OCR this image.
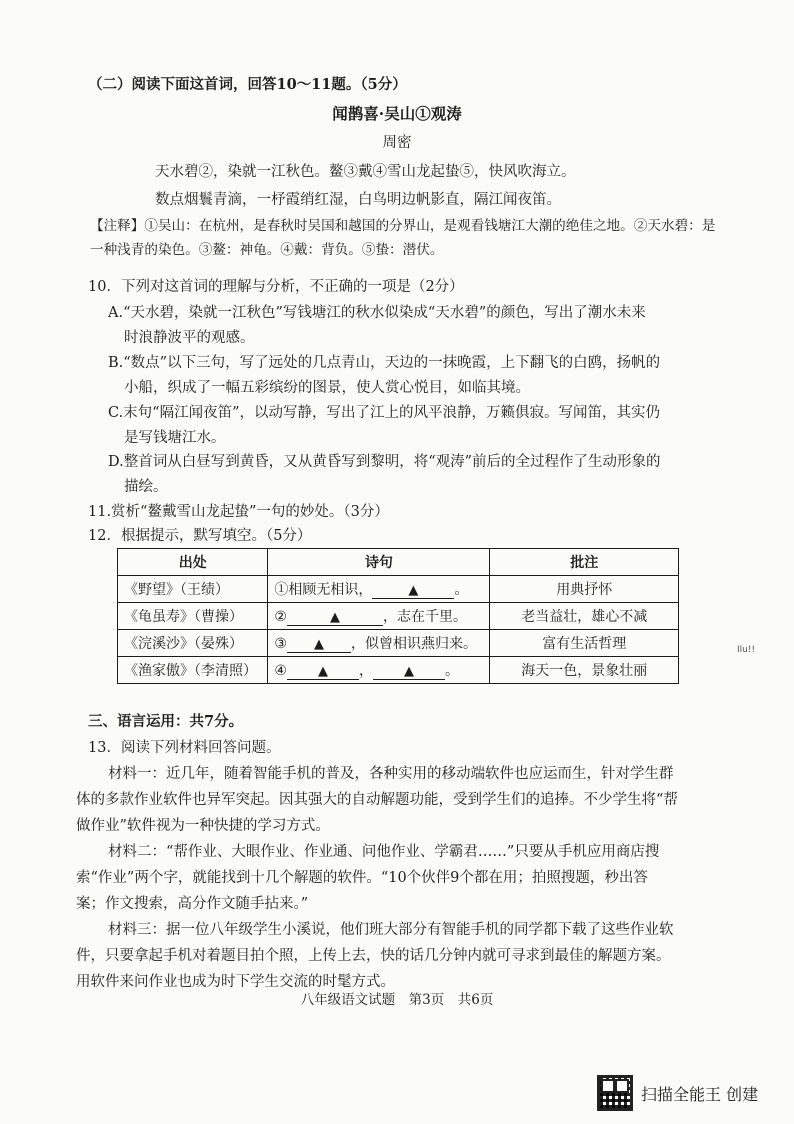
（二）阅读下面这首词，回答10～11题。（5分）
闻鹊喜·吴山①观涛
周密
天水碧②，染就一江秋色。鳌③戴④雪山龙起蛰⑤，快风吹海立。
数点烟鬟青滴，一杼霞绡红湿，白鸟明边帆影直，隔江闻夜笛。
【注释】①吴山：在杭州，是春秋时吴国和越国的分界山，是观看钱塘江大潮的绝佳之地。②天水碧：是
一种浅青的染色。③鳌：神龟。④戴：背负。⑤蛰：潜伏。
10．下列对这首词的理解与分析，不正确的一项是（2分）
A.“天水碧，染就一江秋色”写钱塘江的秋水似染成“天水碧”的颜色，写出了潮水未来
时浪静波平的观感。
B.“数点”以下三句，写了远处的几点青山，天边的一抹晚霞，上下翻飞的白鸥，扬帆的
小船，织成了一幅五彩缤纷的图景，使人赏心悦目，如临其境。
C.末句“隔江闻夜笛”，以动写静，写出了江上的风平浪静，万籁俱寂。写闻笛，其实仍
是写钱塘江水。
D.整首词从白昼写到黄昏，又从黄昏写到黎明，将“观涛”前后的全过程作了生动形象的
描绘。
11.赏析“鳌戴雪山龙起蛰”一句的妙处。（3分）
12．根据提示，默写填空。（5分）
出处	诗句	批注
《野望》（王绩）	①相顾无相识， ▲ 。	用典抒怀
《龟虽寿》（曹操）	② ▲ ，志在千里。	老当益壮，雄心不减
《浣溪沙》（晏殊）	③ ▲ ，似曾相识燕归来。	富有生活哲理
《渔家傲》（李清照）	④ ▲ ， ▲ 。	海天一色，景象壮丽
三、语言运用：共7分。
13．阅读下列材料回答问题。
材料一：近几年，随着智能手机的普及，各种实用的移动端软件也应运而生，针对学生群
体的多款作业软件也异军突起。因其强大的自动解题功能，受到学生们的追捧。不少学生将“帮
做作业”软件视为一种快捷的学习方式。
材料二：“帮作业、大眼作业、作业通、问他作业、学霸君……”只要从手机应用商店搜
索“作业”两个字，就能找到十几个解题的软件。“10个伙伴9个都在用；拍照搜题，秒出答
案；作文搜索，高分作文随手拈来。”
材料三：据一位八年级学生小溪说，他们班大部分有智能手机的同学都下载了这些作业软
件，只要拿起手机对着题目拍个照，上传上去，快的话几分钟内就可寻求到最佳的解题方案。
用软件来问作业也成为时下学生交流的时髦方式。
八年级语文试题　第3页　共6页
Ilu!!
扫描全能王 创建
